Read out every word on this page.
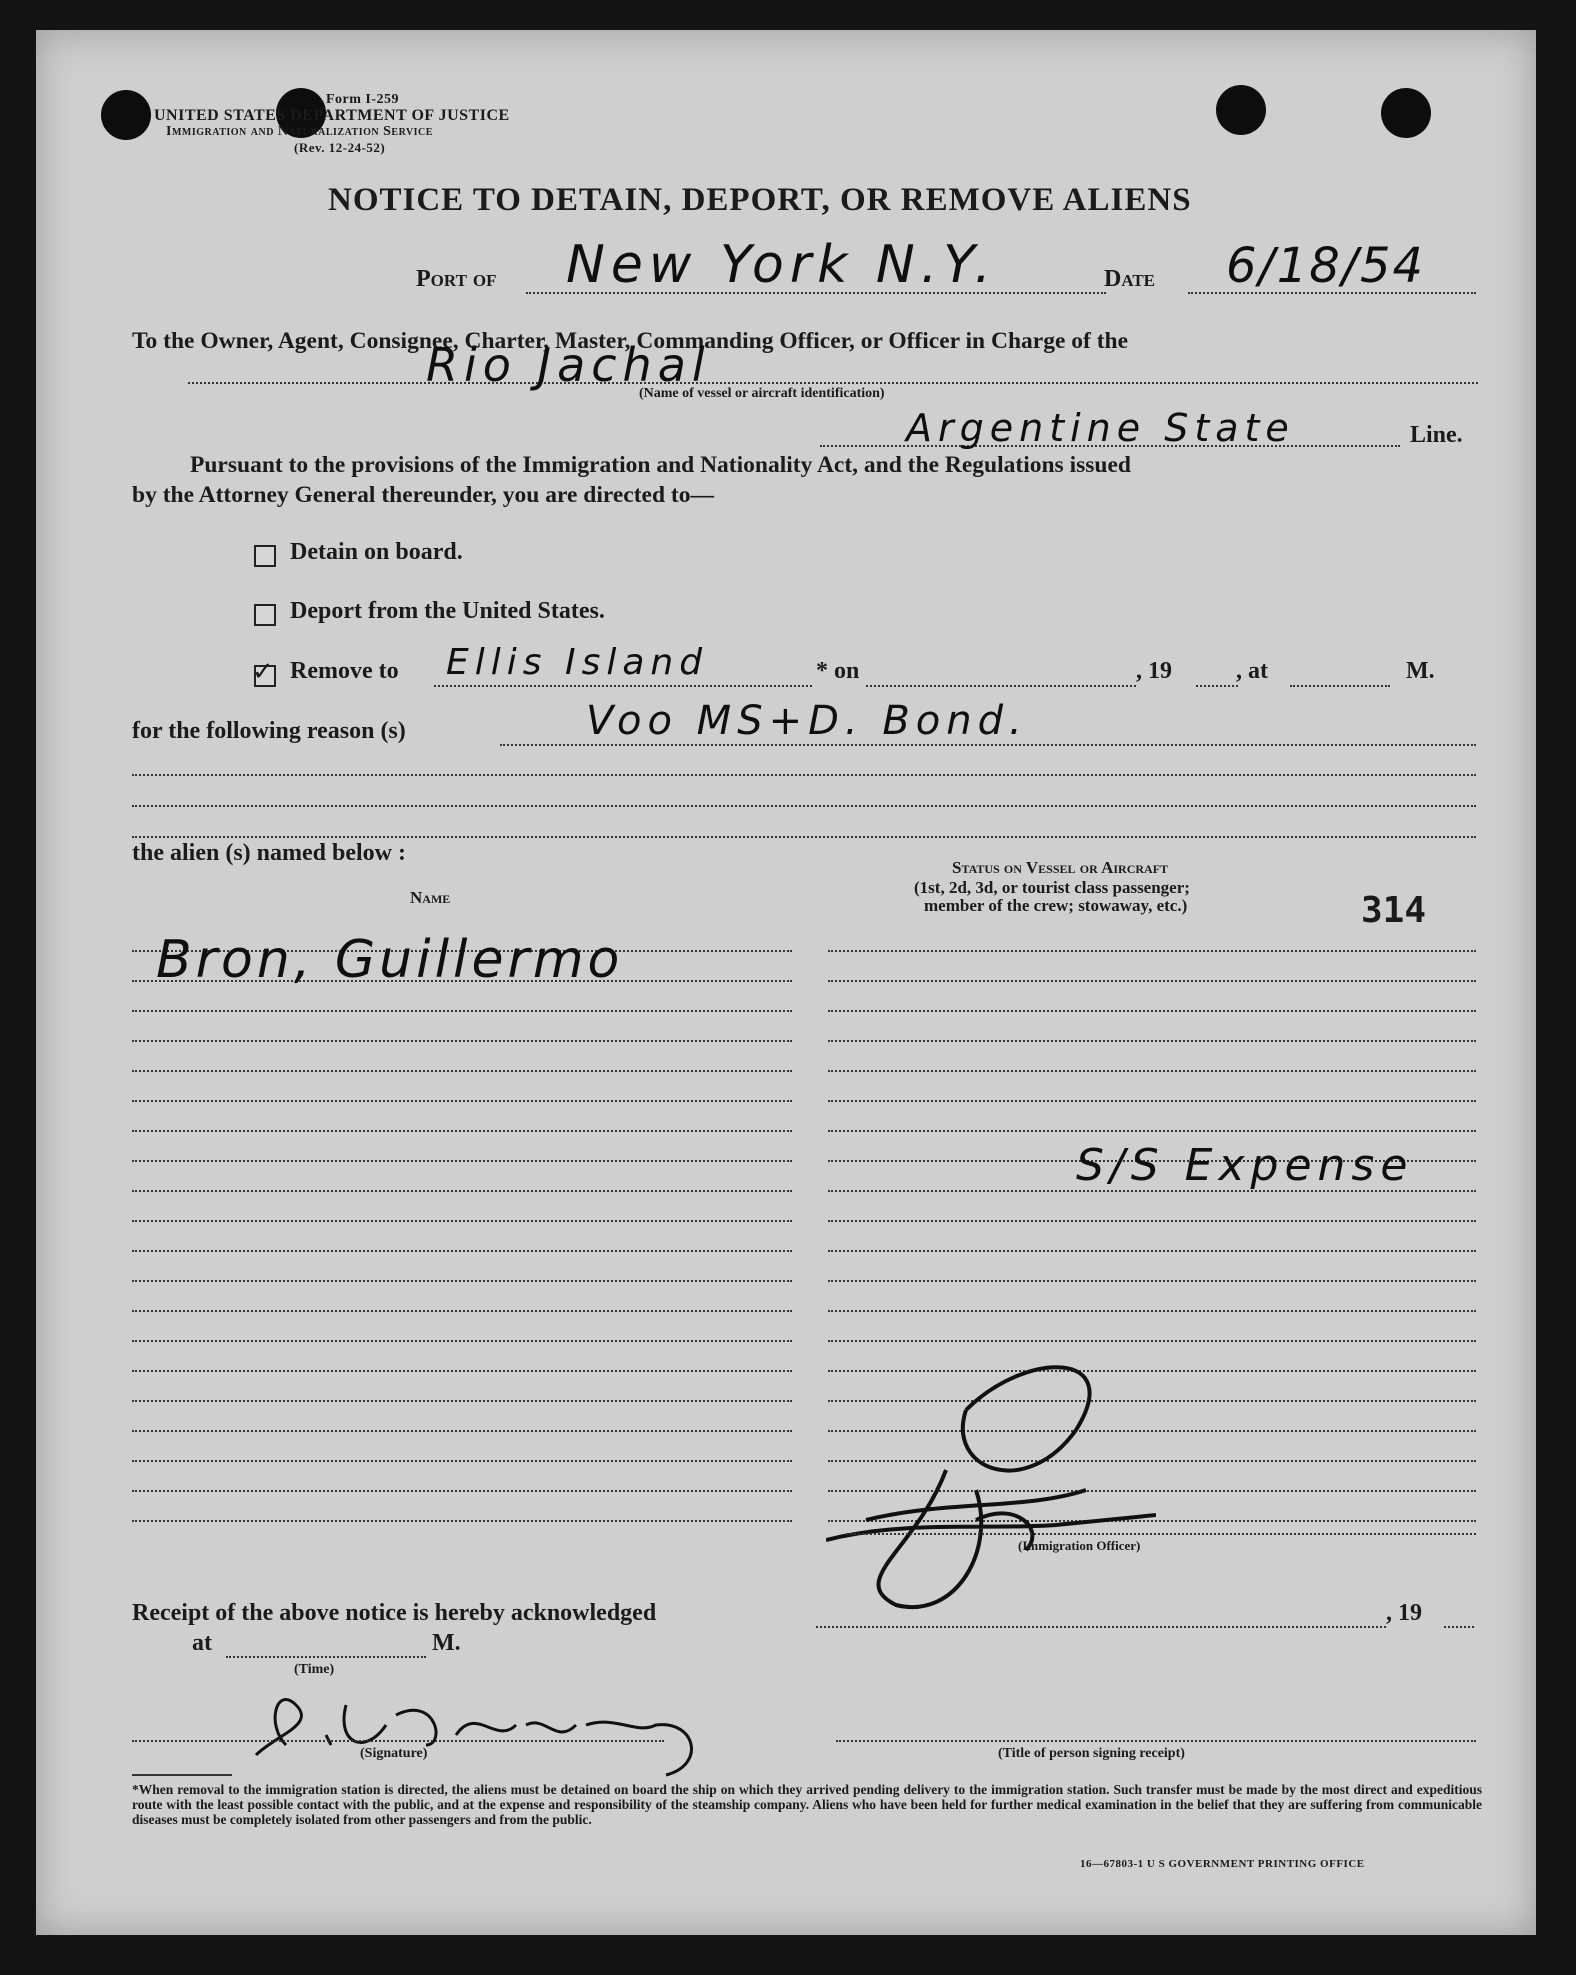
Form I-259
UNITED STATES DEPARTMENT OF JUSTICE
Immigration and Naturalization Service
(Rev. 12-24-52)
NOTICE TO DETAIN, DEPORT, OR REMOVE ALIENS
Port of New York N.Y.	Date 6/18/54
To the Owner, Agent, Consignee, Charter, Master, Commanding Officer, or Officer in Charge of the
Rio Jachal
(Name of vessel or aircraft identification)
Argentine State	Line.
Pursuant to the provisions of the Immigration and Nationality Act, and the Regulations issued
by the Attorney General thereunder, you are directed to—
Detain on board.
Deport from the United States.
✓ Remove to Ellis Island	* on	, 19	, at	M.
for the following reason (s)	Voo MS+D. Bond.
the alien (s) named below :
Name
Status on Vessel or Aircraft
(1st, 2d, 3d, or tourist class passenger;
member of the crew; stowaway, etc.)	314
Bron, Guillermo
S/S Expense
(Immigration Officer)
Receipt of the above notice is hereby acknowledged	, 19
at	M.
(Time)
(Signature)	(Title of person signing receipt)
*When removal to the immigration station is directed, the aliens must be detained on board the ship on which they arrived pending delivery to the immigration station. Such transfer must be made by the most direct and expeditious route with the least possible contact with the public, and at the expense and responsibility of the steamship company. Aliens who have been held for further medical examination in the belief that they are suffering from communicable diseases must be completely isolated from other passengers and from the public.
16—67803-1 U S GOVERNMENT PRINTING OFFICE
